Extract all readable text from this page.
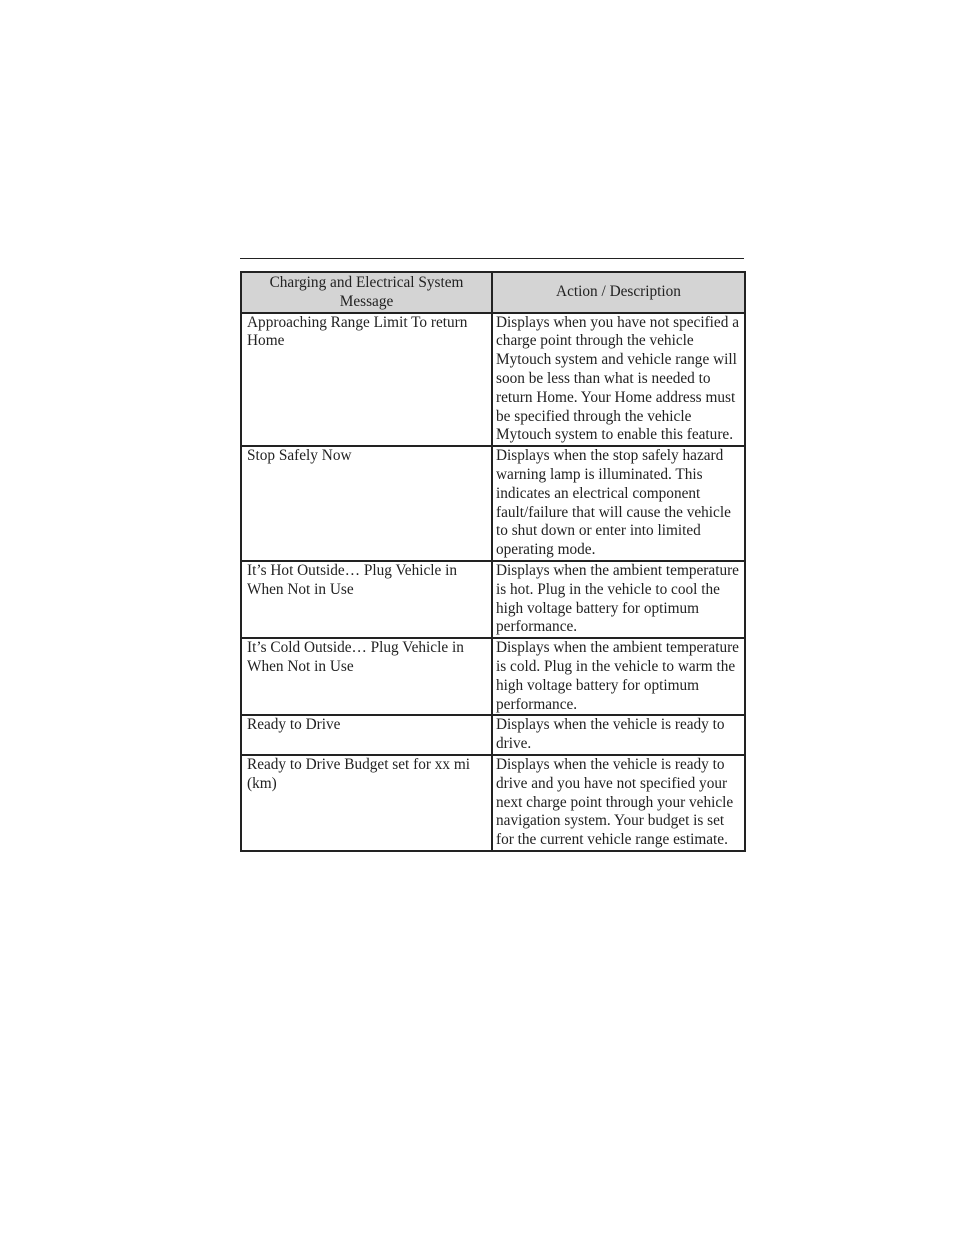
Charging and Electrical System Message	Action / Description
Approaching Range Limit To return Home	Displays when you have not specified a charge point through the vehicle Mytouch system and vehicle range will soon be less than what is needed to return Home. Your Home address must be specified through the vehicle Mytouch system to enable this feature.
Stop Safely Now	Displays when the stop safely hazard warning lamp is illuminated. This indicates an electrical component fault/failure that will cause the vehicle to shut down or enter into limited operating mode.
It’s Hot Outside… Plug Vehicle in When Not in Use	Displays when the ambient temperature is hot. Plug in the vehicle to cool the high voltage battery for optimum performance.
It’s Cold Outside… Plug Vehicle in When Not in Use	Displays when the ambient temperature is cold. Plug in the vehicle to warm the high voltage battery for optimum performance.
Ready to Drive	Displays when the vehicle is ready to drive.
Ready to Drive Budget set for xx mi (km)	Displays when the vehicle is ready to drive and you have not specified your next charge point through your vehicle navigation system. Your budget is set for the current vehicle range estimate.
